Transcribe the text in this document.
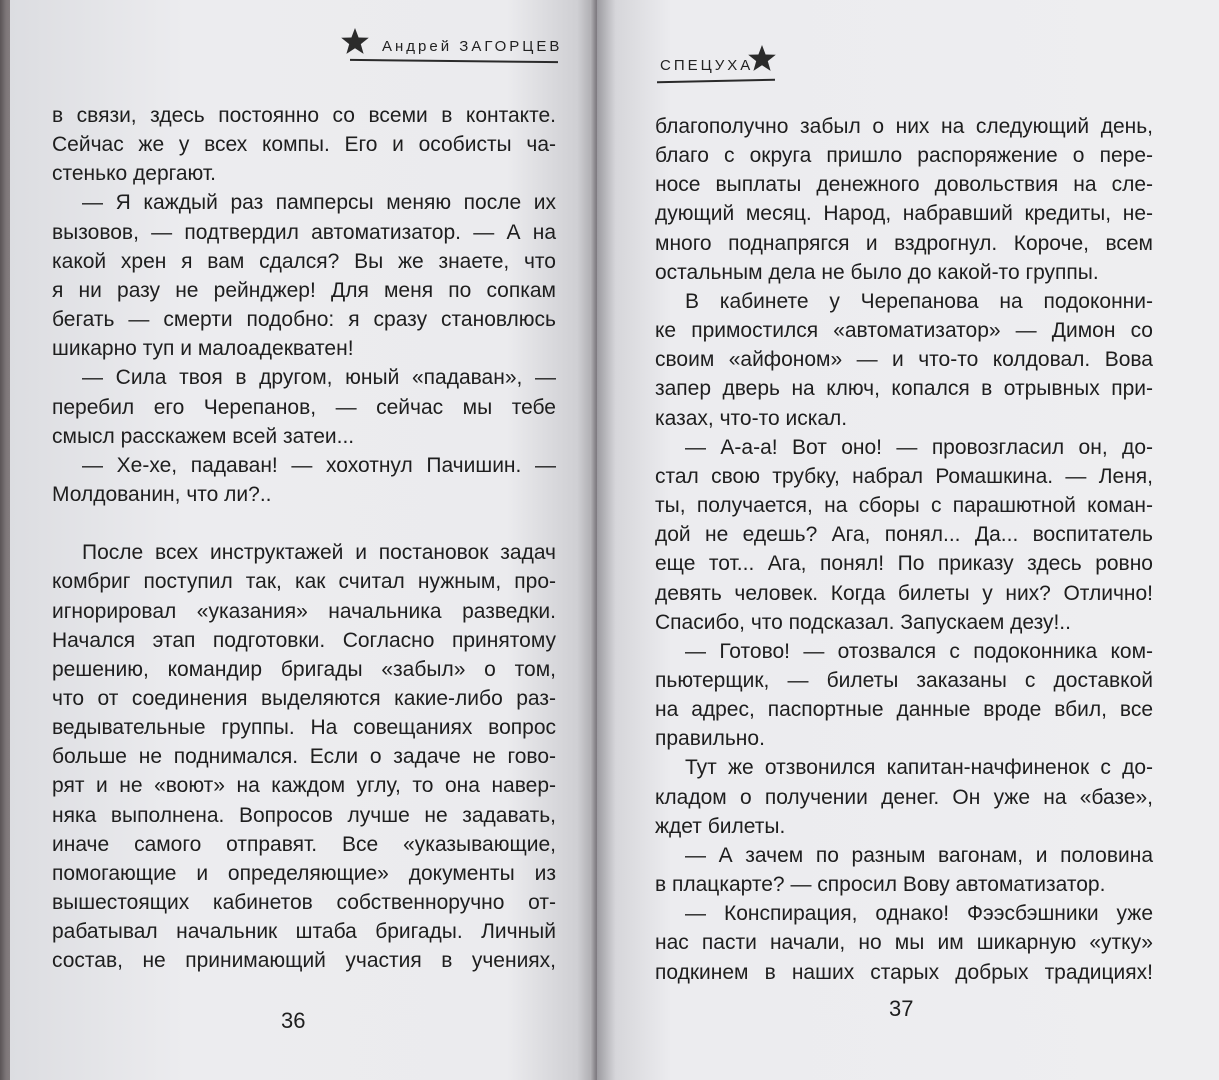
Андрей ЗАГОРЦЕВ
в связи, здесь постоянно со всеми в контакте.
Сейчас же у всех компы. Его и особисты ча-
стенько дергают.
— Я каждый раз памперсы меняю после их
вызовов, — подтвердил автоматизатор. — А на
какой хрен я вам сдался? Вы же знаете, что
я ни разу не рейнджер! Для меня по сопкам
бегать — смерти подобно: я сразу становлюсь
шикарно туп и малоадекватен!
— Сила твоя в другом, юный «падаван», —
перебил его Черепанов, — сейчас мы тебе
смысл расскажем всей затеи...
— Хе-хе, падаван! — хохотнул Пачишин. —
Молдованин, что ли?..
После всех инструктажей и постановок задач
комбриг поступил так, как считал нужным, про-
игнорировал «указания» начальника разведки.
Начался этап подготовки. Согласно принятому
решению, командир бригады «забыл» о том,
что от соединения выделяются какие-либо раз-
ведывательные группы. На совещаниях вопрос
больше не поднимался. Если о задаче не гово-
рят и не «воют» на каждом углу, то она навер-
няка выполнена. Вопросов лучше не задавать,
иначе самого отправят. Все «указывающие,
помогающие и определяющие» документы из
вышестоящих кабинетов собственноручно от-
рабатывал начальник штаба бригады. Личный
состав, не принимающий участия в учениях,
36
СПЕЦУХА
благополучно забыл о них на следующий день,
благо с округа пришло распоряжение о пере-
носе выплаты денежного довольствия на сле-
дующий месяц. Народ, набравший кредиты, не-
много поднапрягся и вздрогнул. Короче, всем
остальным дела не было до какой-то группы.
В кабинете у Черепанова на подоконни-
ке примостился «автоматизатор» — Димон со
своим «айфоном» — и что-то колдовал. Вова
запер дверь на ключ, копался в отрывных при-
казах, что-то искал.
— А-а-а! Вот оно! — провозгласил он, до-
стал свою трубку, набрал Ромашкина. — Леня,
ты, получается, на сборы с парашютной коман-
дой не едешь? Ага, понял... Да... воспитатель
еще тот... Ага, понял! По приказу здесь ровно
девять человек. Когда билеты у них? Отлично!
Спасибо, что подсказал. Запускаем дезу!..
— Готово! — отозвался с подоконника ком-
пьютерщик, — билеты заказаны с доставкой
на адрес, паспортные данные вроде вбил, все
правильно.
Тут же отзвонился капитан-начфиненок с до-
кладом о получении денег. Он уже на «базе»,
ждет билеты.
— А зачем по разным вагонам, и половина
в плацкарте? — спросил Вову автоматизатор.
— Конспирация, однако! Фээсбэшники уже
нас пасти начали, но мы им шикарную «утку»
подкинем в наших старых добрых традициях!
37
